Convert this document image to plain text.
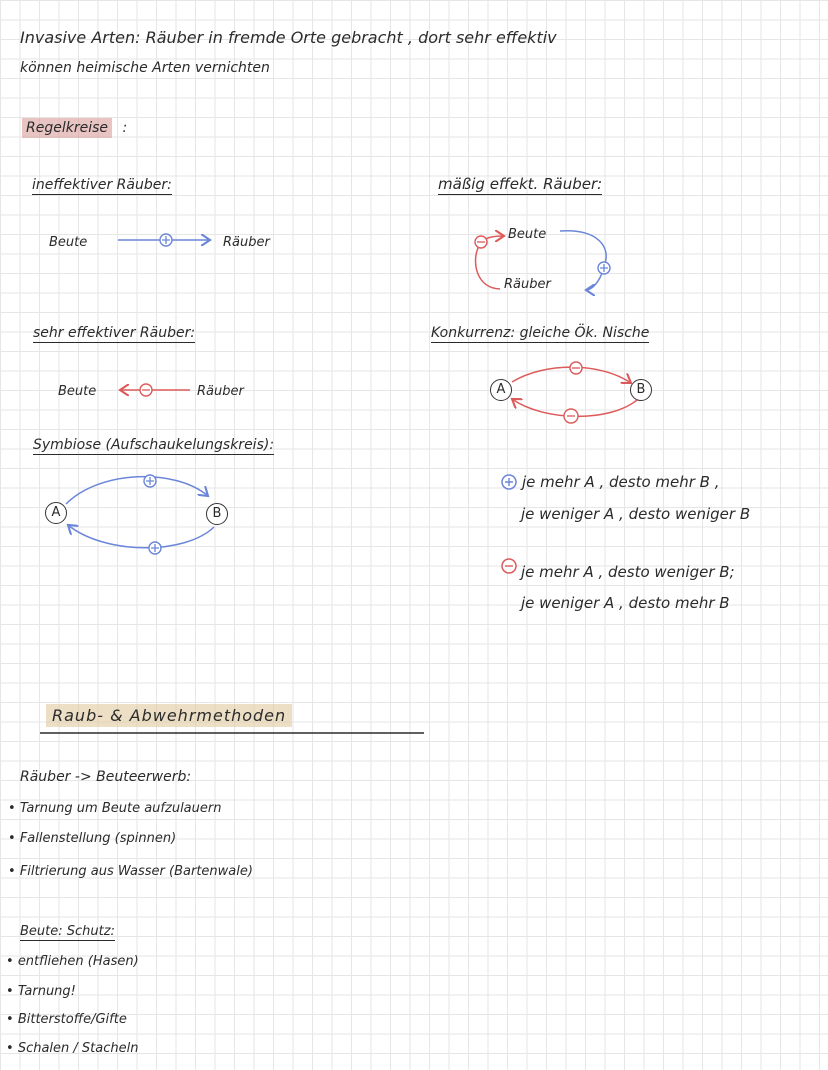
Invasive Arten: Räuber in fremde Orte gebracht , dort sehr effektiv
können heimische Arten vernichten
Regelkreise :
ineffektiver Räuber:
Beute	Räuber
mäßig effekt. Räuber:
Beute
Räuber
sehr effektiver Räuber:
Beute	Räuber
Konkurrenz: gleiche Ök. Nische
A	B
Symbiose (Aufschaukelungskreis):
A	B
je mehr A , desto mehr B ,
je weniger A , desto weniger B
je mehr A , desto weniger B;
je weniger A , desto mehr B
Raub- & Abwehrmethoden
Räuber -> Beuteerwerb:
• Tarnung um Beute aufzulauern
• Fallenstellung (spinnen)
• Filtrierung aus Wasser (Bartenwale)
Beute: Schutz:
• entfliehen (Hasen)
• Tarnung!
• Bitterstoffe/Gifte
• Schalen / Stacheln
